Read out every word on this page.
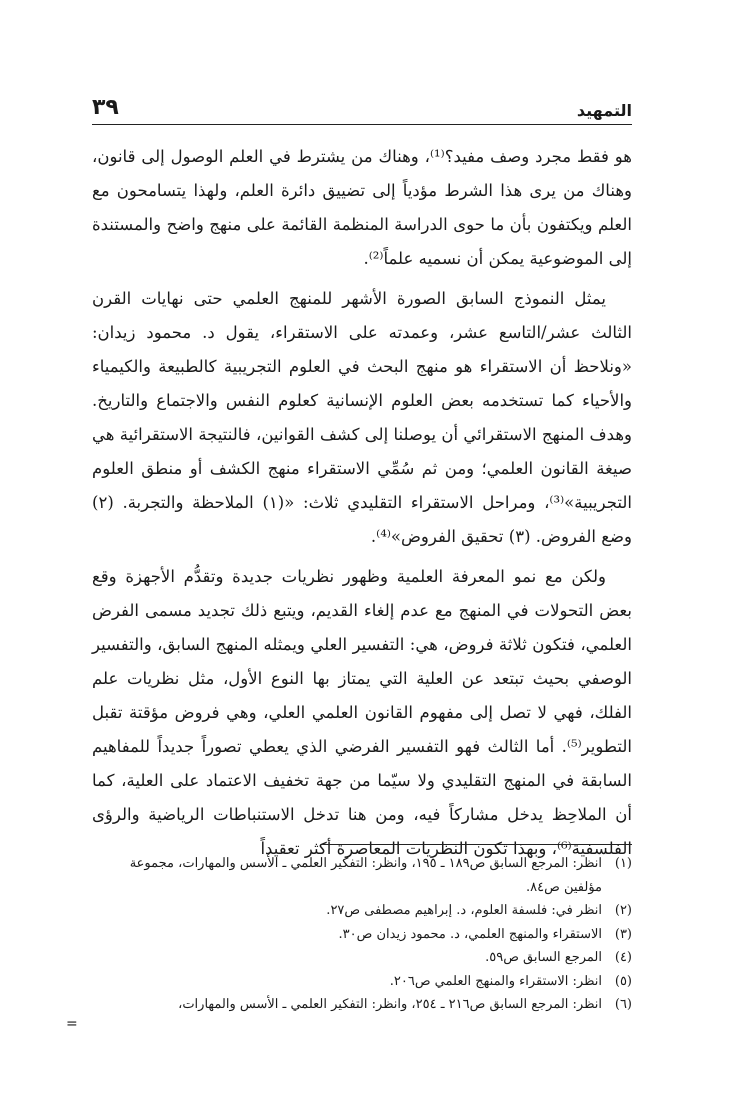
التمهيد
٣٩

هو فقط مجرد وصف مفيد؟⁽¹⁾، وهناك من يشترط في العلم الوصول إلى قانون، وهناك من يرى هذا الشرط مؤدياً إلى تضييق دائرة العلم، ولهذا يتسامحون مع العلم ويكتفون بأن ما حوى الدراسة المنظمة القائمة على منهج واضح والمستندة إلى الموضوعية يمكن أن نسميه علماً⁽²⁾.

يمثل النموذج السابق الصورة الأشهر للمنهج العلمي حتى نهايات القرن الثالث عشر/التاسع عشر، وعمدته على الاستقراء، يقول د. محمود زيدان: «ونلاحظ أن الاستقراء هو منهج البحث في العلوم التجريبية كالطبيعة والكيمياء والأحياء كما تستخدمه بعض العلوم الإنسانية كعلوم النفس والاجتماع والتاريخ. وهدف المنهج الاستقرائي أن يوصلنا إلى كشف القوانين، فالنتيجة الاستقرائية هي صيغة القانون العلمي؛ ومن ثم سُمِّي الاستقراء منهج الكشف أو منطق العلوم التجريبية»⁽³⁾، ومراحل الاستقراء التقليدي ثلاث: «(١) الملاحظة والتجربة. (٢) وضع الفروض. (٣) تحقيق الفروض»⁽⁴⁾.

ولكن مع نمو المعرفة العلمية وظهور نظريات جديدة وتقدُّم الأجهزة وقع بعض التحولات في المنهج مع عدم إلغاء القديم، ويتبع ذلك تجديد مسمى الفرض العلمي، فتكون ثلاثة فروض، هي: التفسير العلي ويمثله المنهج السابق، والتفسير الوصفي بحيث تبتعد عن العلية التي يمتاز بها النوع الأول، مثل نظريات علم الفلك، فهي لا تصل إلى مفهوم القانون العلمي العلي، وهي فروض مؤقتة تقبل التطوير⁽⁵⁾. أما الثالث فهو التفسير الفرضي الذي يعطي تصوراً جديداً للمفاهيم السابقة في المنهج التقليدي ولا سيّما من جهة تخفيف الاعتماد على العلية، كما أن الملاحِظ يدخل مشاركاً فيه، ومن هنا تدخل الاستنباطات الرياضية والرؤى الفلسفية⁽⁶⁾، وبهذا تكون النظريات المعاصرة أكثر تعقيداً

(١)
انظر: المرجع السابق ص١٨٩ ـ ١٩٥، وانظر: التفكير العلمي ـ الأسس والمهارات، مجموعة مؤلفين ص٨٤.
(٢)
انظر في: فلسفة العلوم، د. إبراهيم مصطفى ص٢٧.
(٣)
الاستقراء والمنهج العلمي، د. محمود زيدان ص٣٠.
(٤)
المرجع السابق ص٥٩.
(٥)
انظر: الاستقراء والمنهج العلمي ص٢٠٦.
(٦)
انظر: المرجع السابق ص٢١٦ ـ ٢٥٤، وانظر: التفكير العلمي ـ الأسس والمهارات،
=
